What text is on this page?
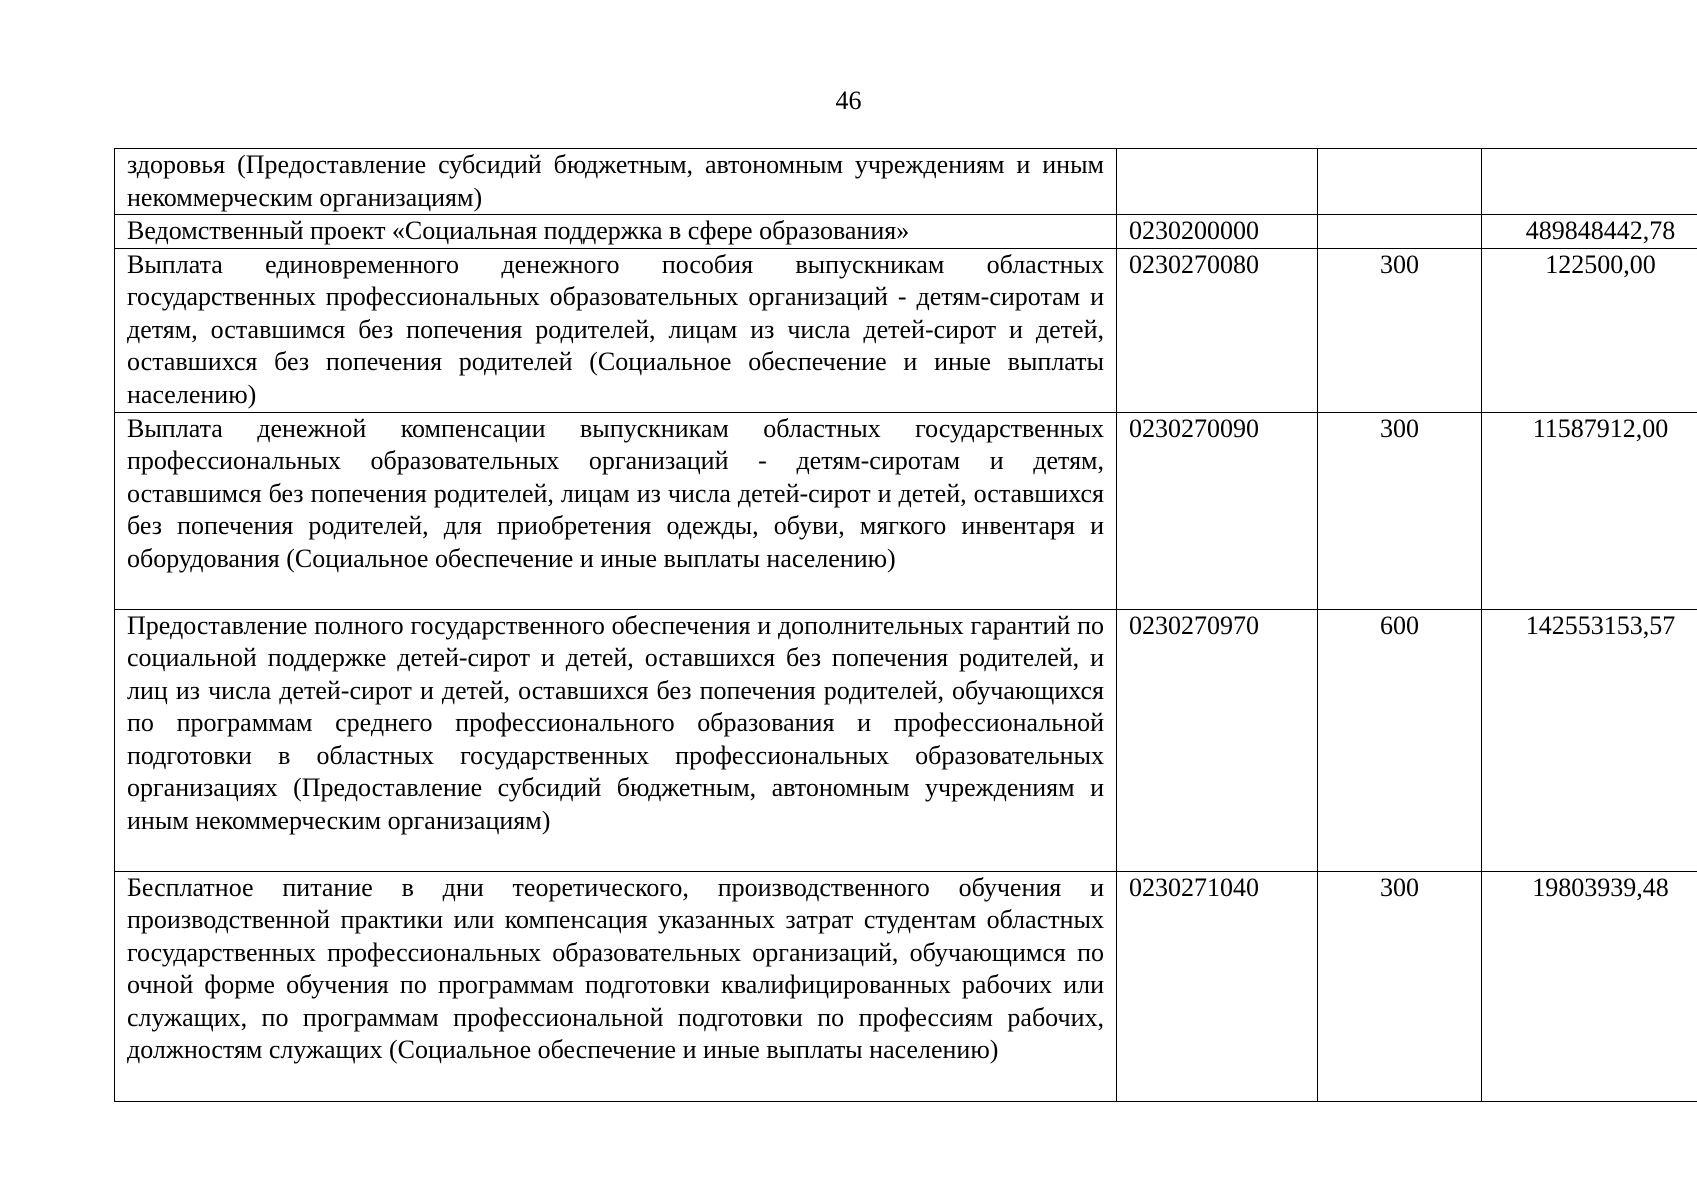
46
здоровья (Предоставление субсидий бюджетным, автономным учреждениям и иным некоммерческим организациям)			
Ведомственный проект «Социальная поддержка в сфере образования»	0230200000		489848442,78
Выплата единовременного денежного пособия выпускникам областных государственных профессиональных образовательных организаций - детям-сиротам и детям, оставшимся без попечения родителей, лицам из числа детей-сирот и детей, оставшихся без попечения родителей (Социальное обеспечение и иные выплаты населению)	0230270080	300	122500,00
Выплата денежной компенсации выпускникам областных государственных профессиональных образовательных организаций - детям-сиротам и детям, оставшимся без попечения родителей, лицам из числа детей-сирот и детей, оставшихся без попечения родителей, для приобретения одежды, обуви, мягкого инвентаря и оборудования (Социальное обеспечение и иные выплаты населению)	0230270090	300	11587912,00
Предоставление полного государственного обеспечения и дополнительных гарантий по социальной поддержке детей-сирот и детей, оставшихся без попечения родителей, и лиц из числа детей-сирот и детей, оставшихся без попечения родителей, обучающихся по программам среднего профессионального образования и профессиональной подготовки в областных государственных профессиональных образовательных организациях (Предоставление субсидий бюджетным, автономным учреждениям и иным некоммерческим организациям)	0230270970	600	142553153,57
Бесплатное питание в дни теоретического, производственного обучения и производственной практики или компенсация указанных затрат студентам областных государственных профессиональных образовательных организаций, обучающимся по очной форме обучения по программам подготовки квалифицированных рабочих или служащих, по программам профессиональной подготовки по профессиям рабочих, должностям служащих (Социальное обеспечение и иные выплаты населению)	0230271040	300	19803939,48
